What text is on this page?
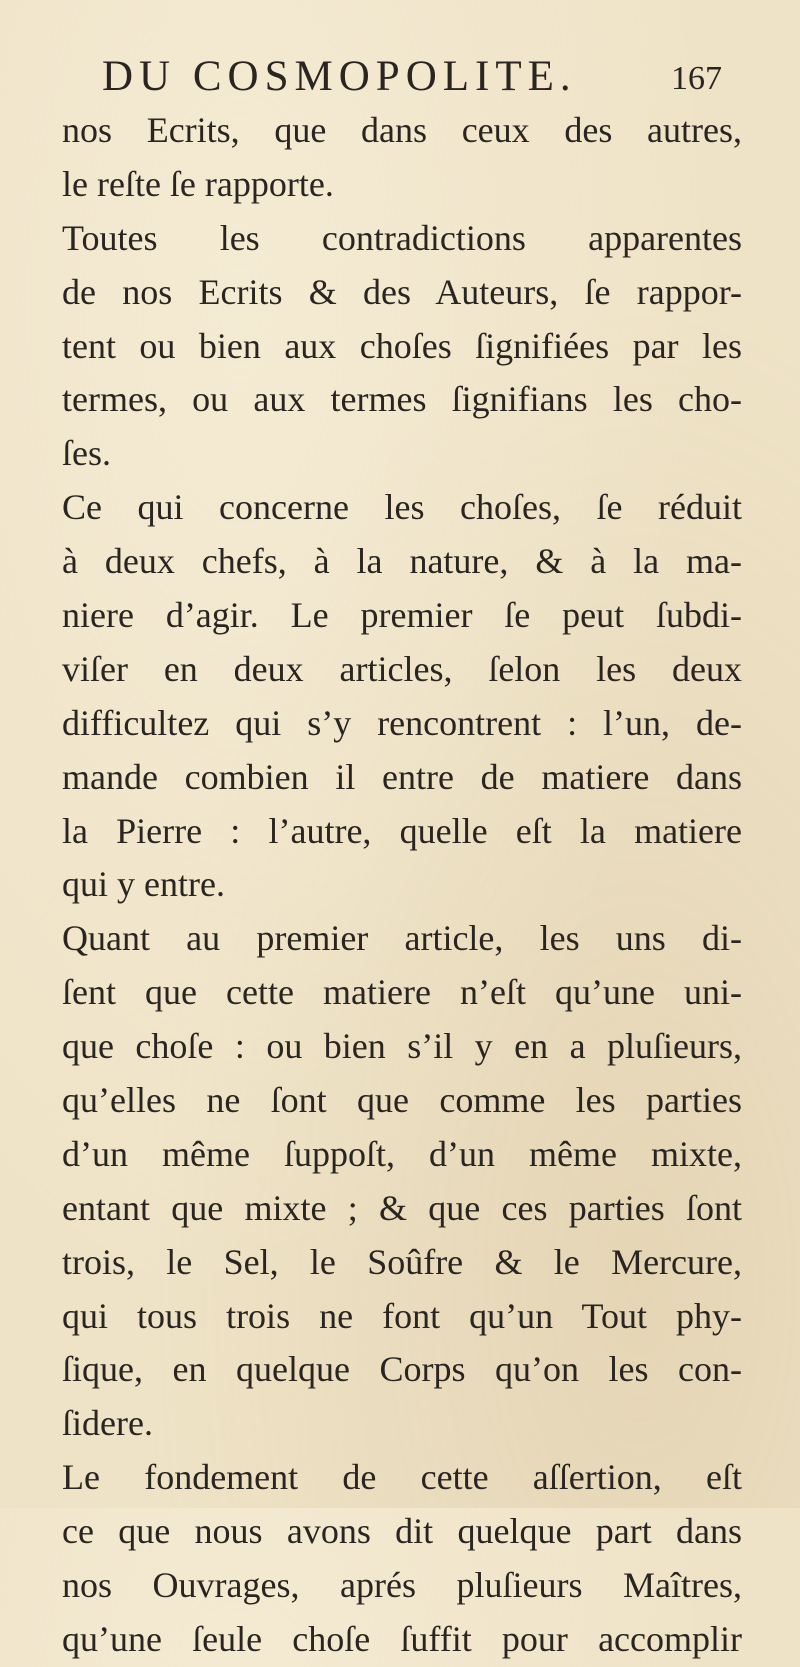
DU COSMOPOLITE.	167
nos Ecrits, que dans ceux des autres,
le reſte ſe rapporte.
Toutes les contradictions apparentes
de nos Ecrits & des Auteurs, ſe rappor-
tent ou bien aux choſes ſignifiées par les
termes, ou aux termes ſignifians les cho-
ſes.
Ce qui concerne les choſes, ſe réduit
à deux chefs, à la nature, & à la ma-
niere d’agir. Le premier ſe peut ſubdi-
viſer en deux articles, ſelon les deux
difficultez qui s’y rencontrent : l’un, de-
mande combien il entre de matiere dans
la Pierre : l’autre, quelle eſt la matiere
qui y entre.
Quant au premier article, les uns di-
ſent que cette matiere n’eſt qu’une uni-
que choſe : ou bien s’il y en a pluſieurs,
qu’elles ne ſont que comme les parties
d’un même ſuppoſt, d’un même mixte,
entant que mixte ; & que ces parties ſont
trois, le Sel, le Soûfre & le Mercure,
qui tous trois ne font qu’un Tout phy-
ſique, en quelque Corps qu’on les con-
ſidere.
Le fondement de cette aſſertion, eſt
ce que nous avons dit quelque part dans
nos Ouvrages, aprés pluſieurs Maîtres,
qu’une ſeule choſe ſuffit pour accomplir
